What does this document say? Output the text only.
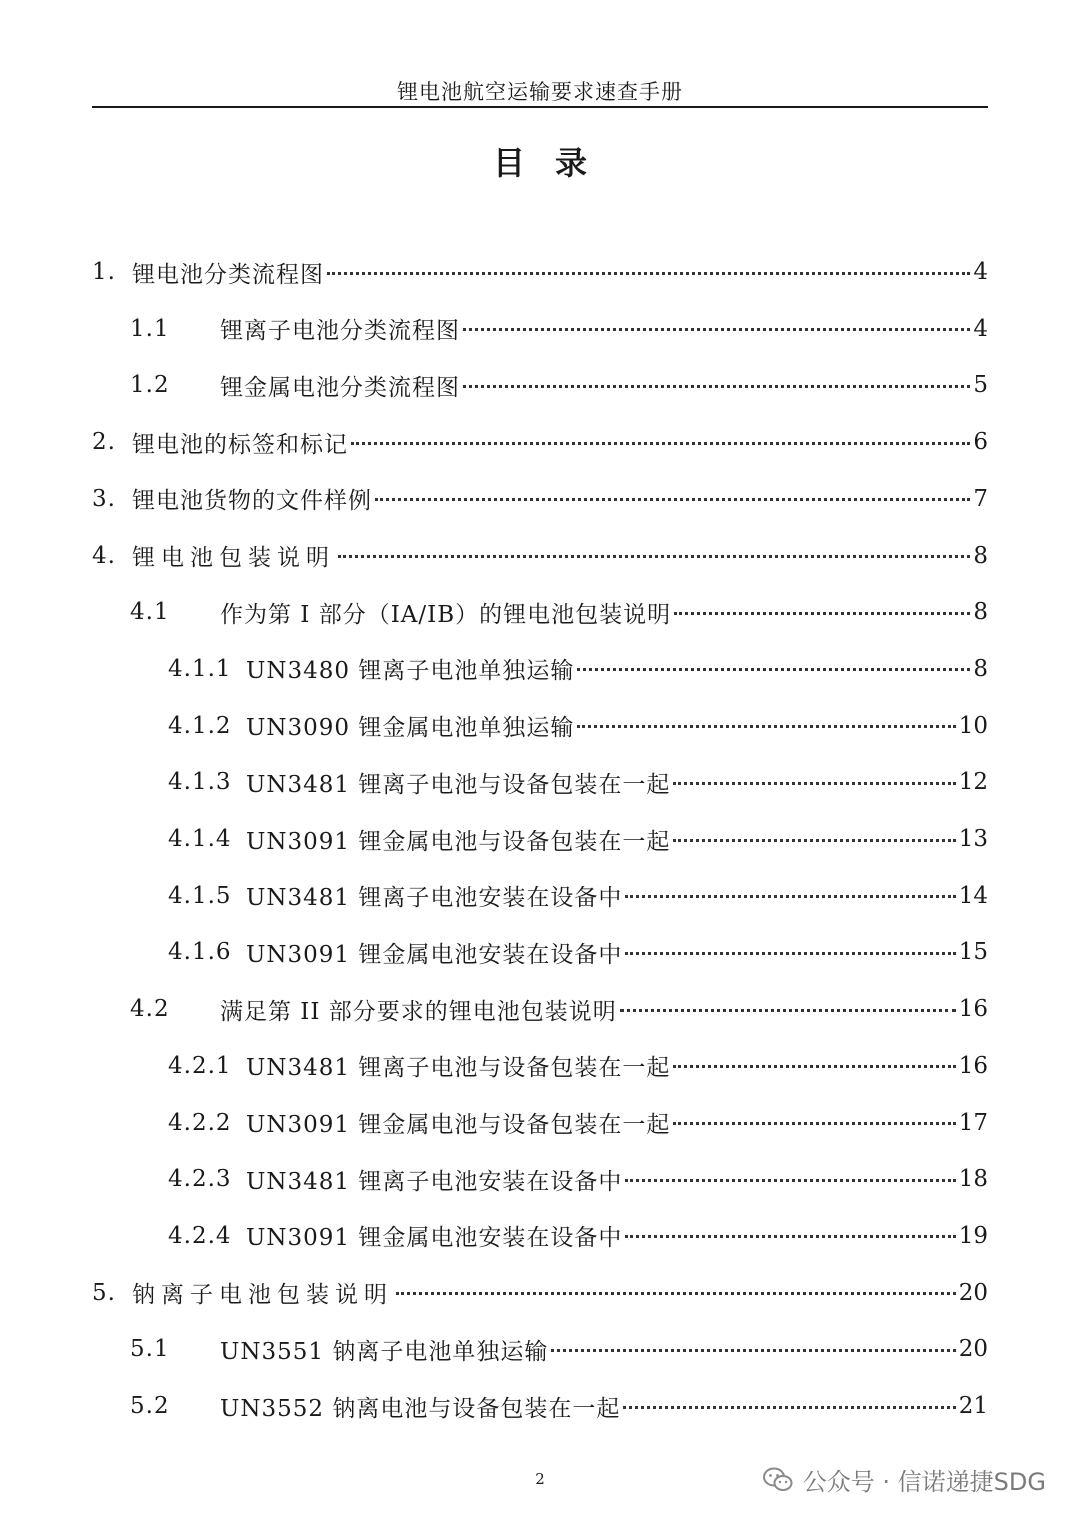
锂电池航空运输要求速查手册
目录
1. 锂电池分类流程图	4
1.1	锂离子电池分类流程图	4
1.2	锂金属电池分类流程图	5
2. 锂电池的标签和标记	6
3. 锂电池货物的文件样例	7
4. 锂电池包装说明	8
4.1	作为第 I 部分（IA/IB）的锂电池包装说明	8
4.1.1 UN3480 锂离子电池单独运输	8
4.1.2 UN3090 锂金属电池单独运输	10
4.1.3 UN3481 锂离子电池与设备包装在一起	12
4.1.4 UN3091 锂金属电池与设备包装在一起	13
4.1.5 UN3481 锂离子电池安装在设备中	14
4.1.6 UN3091 锂金属电池安装在设备中	15
4.2	满足第 II 部分要求的锂电池包装说明	16
4.2.1 UN3481 锂离子电池与设备包装在一起	16
4.2.2 UN3091 锂金属电池与设备包装在一起	17
4.2.3 UN3481 锂离子电池安装在设备中	18
4.2.4 UN3091 锂金属电池安装在设备中	19
5. 钠离子电池包装说明	20
5.1	UN3551 钠离子电池单独运输	20
5.2	UN3552 钠离电池与设备包装在一起	21
2	公众号 · 信诺递捷SDG
